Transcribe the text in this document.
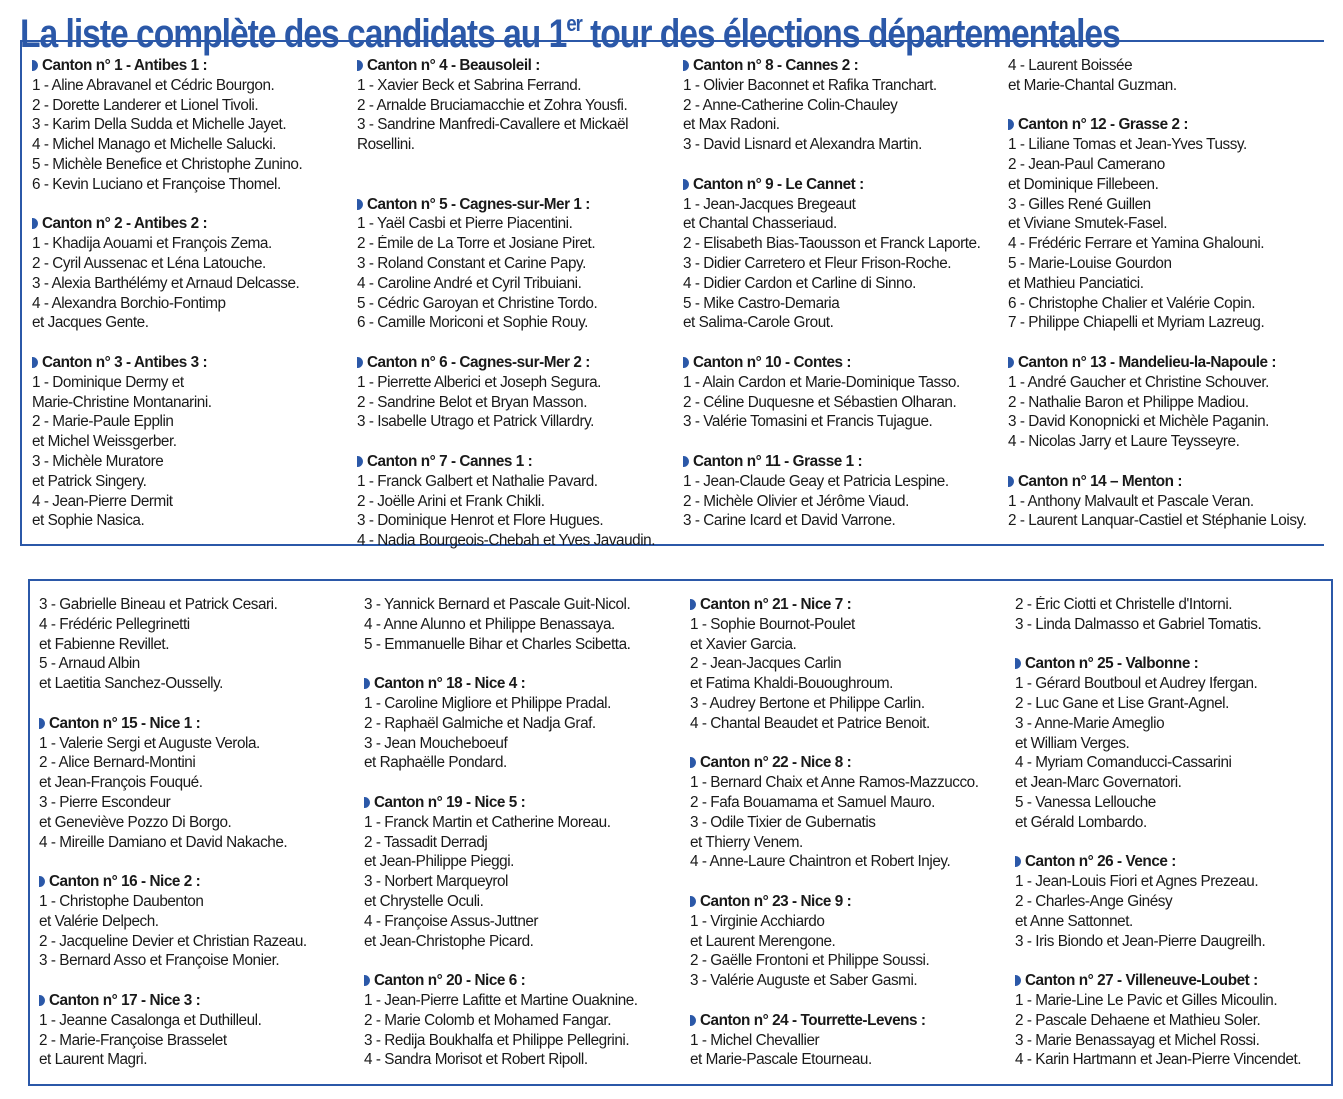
La liste complète des candidats au 1er tour des élections départementales
Canton n° 1 - Antibes 1 :
1 - Aline Abravanel et Cédric Bourgon.
2 - Dorette Landerer et Lionel Tivoli.
3 - Karim Della Sudda et Michelle Jayet.
4 - Michel Manago et Michelle Salucki.
5 - Michèle Benefice et Christophe Zunino.
6 - Kevin Luciano et Françoise Thomel.
Canton n° 2 - Antibes 2 :
1 - Khadija Aouami et François Zema.
2 - Cyril Aussenac et Léna Latouche.
3 - Alexia Barthélémy et Arnaud Delcasse.
4 - Alexandra Borchio-Fontimp
et Jacques Gente.
Canton n° 3 - Antibes 3 :
1 - Dominique Dermy et
Marie-Christine Montanarini.
2 - Marie-Paule Epplin
et Michel Weissgerber.
3 - Michèle Muratore
et Patrick Singery.
4 - Jean-Pierre Dermit
et Sophie Nasica.
Canton n° 4 - Beausoleil :
1 - Xavier Beck et Sabrina Ferrand.
2 - Arnalde Bruciamacchie et Zohra Yousfi.
3 - Sandrine Manfredi-Cavallere et Mickaël
Rosellini.
Canton n° 5 - Cagnes-sur-Mer 1 :
1 - Yaël Casbi et Pierre Piacentini.
2 - Émile de La Torre et Josiane Piret.
3 - Roland Constant et Carine Papy.
4 - Caroline André et Cyril Tribuiani.
5 - Cédric Garoyan et Christine Tordo.
6 - Camille Moriconi et Sophie Rouy.
Canton n° 6 - Cagnes-sur-Mer 2 :
1 - Pierrette Alberici et Joseph Segura.
2 - Sandrine Belot et Bryan Masson.
3 - Isabelle Utrago et Patrick Villardry.
Canton n° 7 - Cannes 1 :
1 - Franck Galbert et Nathalie Pavard.
2 - Joëlle Arini et Frank Chikli.
3 - Dominique Henrot et Flore Hugues.
4 - Nadia Bourgeois-Chebah et Yves Javaudin.
Canton n° 8 - Cannes 2 :
1 - Olivier Baconnet et Rafika Tranchart.
2 - Anne-Catherine Colin-Chauley
et Max Radoni.
3 - David Lisnard et Alexandra Martin.
Canton n° 9 - Le Cannet :
1 - Jean-Jacques Bregeaut
et Chantal Chasseriaud.
2 - Elisabeth Bias-Taousson et Franck Laporte.
3 - Didier Carretero et Fleur Frison-Roche.
4 - Didier Cardon et Carline di Sinno.
5 - Mike Castro-Demaria
et Salima-Carole Grout.
Canton n° 10 - Contes :
1 - Alain Cardon et Marie-Dominique Tasso.
2 - Céline Duquesne et Sébastien Olharan.
3 - Valérie Tomasini et Francis Tujague.
Canton n° 11 - Grasse 1 :
1 - Jean-Claude Geay et Patricia Lespine.
2 - Michèle Olivier et Jérôme Viaud.
3 - Carine Icard et David Varrone.
4 - Laurent Boissée
et Marie-Chantal Guzman.
Canton n° 12 - Grasse 2 :
1 - Liliane Tomas et Jean-Yves Tussy.
2 - Jean-Paul Camerano
et Dominique Fillebeen.
3 - Gilles René Guillen
et Viviane Smutek-Fasel.
4 - Frédéric Ferrare et Yamina Ghalouni.
5 - Marie-Louise Gourdon
et Mathieu Panciatici.
6 - Christophe Chalier et Valérie Copin.
7 - Philippe Chiapelli et Myriam Lazreug.
Canton n° 13 - Mandelieu-la-Napoule :
1 - André Gaucher et Christine Schouver.
2 - Nathalie Baron et Philippe Madiou.
3 - David Konopnicki et Michèle Paganin.
4 - Nicolas Jarry et Laure Teysseyre.
Canton n° 14 – Menton :
1 - Anthony Malvault et Pascale Veran.
2 - Laurent Lanquar-Castiel et Stéphanie Loisy.
3 - Gabrielle Bineau et Patrick Cesari.
4 - Frédéric Pellegrinetti
et Fabienne Revillet.
5 - Arnaud Albin
et Laetitia Sanchez-Ousselly.
Canton n° 15 - Nice 1 :
1 - Valerie Sergi et Auguste Verola.
2 - Alice Bernard-Montini
et Jean-François Fouqué.
3 - Pierre Escondeur
et Geneviève Pozzo Di Borgo.
4 - Mireille Damiano et David Nakache.
Canton n° 16 - Nice 2 :
1 - Christophe Daubenton
et Valérie Delpech.
2 - Jacqueline Devier et Christian Razeau.
3 - Bernard Asso et Françoise Monier.
Canton n° 17 - Nice 3 :
1 - Jeanne Casalonga et Duthilleul.
2 - Marie-Françoise Brasselet
et Laurent Magri.
3 - Yannick Bernard et Pascale Guit-Nicol.
4 - Anne Alunno et Philippe Benassaya.
5 - Emmanuelle Bihar et Charles Scibetta.
Canton n° 18 - Nice 4 :
1 - Caroline Migliore et Philippe Pradal.
2 - Raphaël Galmiche et Nadja Graf.
3 - Jean Moucheboeuf
et Raphaëlle Pondard.
Canton n° 19 - Nice 5 :
1 - Franck Martin et Catherine Moreau.
2 - Tassadit Derradj
et Jean-Philippe Pieggi.
3 - Norbert Marqueyrol
et Chrystelle Oculi.
4 - Françoise Assus-Juttner
et Jean-Christophe Picard.
Canton n° 20 - Nice 6 :
1 - Jean-Pierre Lafitte et Martine Ouaknine.
2 - Marie Colomb et Mohamed Fangar.
3 - Redija Boukhalfa et Philippe Pellegrini.
4 - Sandra Morisot et Robert Ripoll.
Canton n° 21 - Nice 7 :
1 - Sophie Bournot-Poulet
et Xavier Garcia.
2 - Jean-Jacques Carlin
et Fatima Khaldi-Bououghroum.
3 - Audrey Bertone et Philippe Carlin.
4 - Chantal Beaudet et Patrice Benoit.
Canton n° 22 - Nice 8 :
1 - Bernard Chaix et Anne Ramos-Mazzucco.
2 - Fafa Bouamama et Samuel Mauro.
3 - Odile Tixier de Gubernatis
et Thierry Venem.
4 - Anne-Laure Chaintron et Robert Injey.
Canton n° 23 - Nice 9 :
1 - Virginie Acchiardo
et Laurent Merengone.
2 - Gaëlle Frontoni et Philippe Soussi.
3 - Valérie Auguste et Saber Gasmi.
Canton n° 24 - Tourrette-Levens :
1 - Michel Chevallier
et Marie-Pascale Etourneau.
2 - Éric Ciotti et Christelle d'Intorni.
3 - Linda Dalmasso et Gabriel Tomatis.
Canton n° 25 - Valbonne :
1 - Gérard Boutboul et Audrey Ifergan.
2 - Luc Gane et Lise Grant-Agnel.
3 - Anne-Marie Ameglio
et William Verges.
4 - Myriam Comanducci-Cassarini
et Jean-Marc Governatori.
5 - Vanessa Lellouche
et Gérald Lombardo.
Canton n° 26 - Vence :
1 - Jean-Louis Fiori et Agnes Prezeau.
2 - Charles-Ange Ginésy
et Anne Sattonnet.
3 - Iris Biondo et Jean-Pierre Daugreilh.
Canton n° 27 - Villeneuve-Loubet :
1 - Marie-Line Le Pavic et Gilles Micoulin.
2 - Pascale Dehaene et Mathieu Soler.
3 - Marie Benassayag et Michel Rossi.
4 - Karin Hartmann et Jean-Pierre Vincendet.
